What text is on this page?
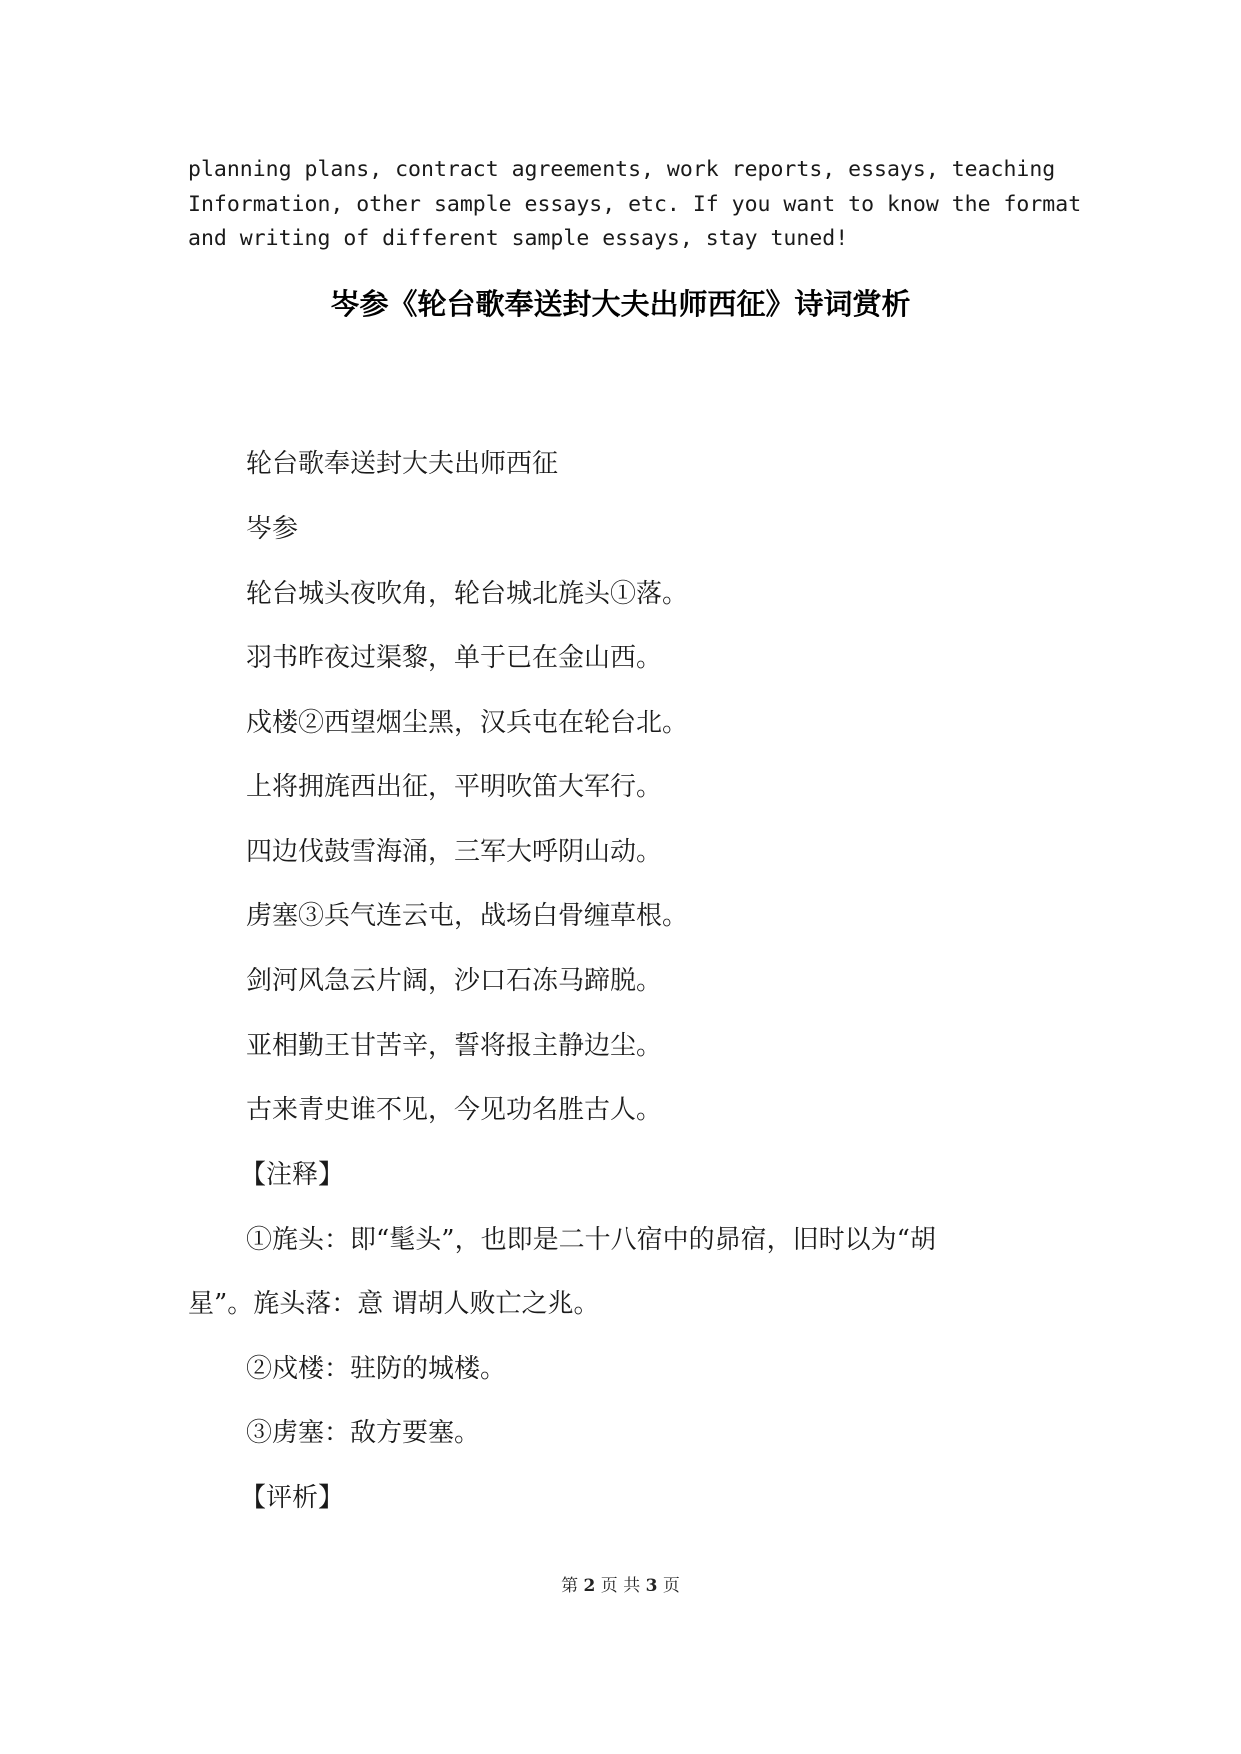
planning plans, contract agreements, work reports, essays, teaching
Information, other sample essays, etc. If you want to know the format
and writing of different sample essays, stay tuned!
岑参《轮台歌奉送封大夫出师西征》诗词赏析
轮台歌奉送封大夫出师西征
岑参
轮台城头夜吹角，轮台城北旄头①落。
羽书昨夜过渠黎，单于已在金山西。
戍楼②西望烟尘黑，汉兵屯在轮台北。
上将拥旄西出征，平明吹笛大军行。
四边伐鼓雪海涌，三军大呼阴山动。
虏塞③兵气连云屯，战场白骨缠草根。
剑河风急云片阔，沙口石冻马蹄脱。
亚相勤王甘苦辛，誓将报主静边尘。
古来青史谁不见，今见功名胜古人。
【注释】
①旄头：即“髦头”，也即是二十八宿中的昴宿，旧时以为“胡
星”。旄头落：意 谓胡人败亡之兆。
②戍楼：驻防的城楼。
③虏塞：敌方要塞。
【评析】
第 2 页 共 3 页
